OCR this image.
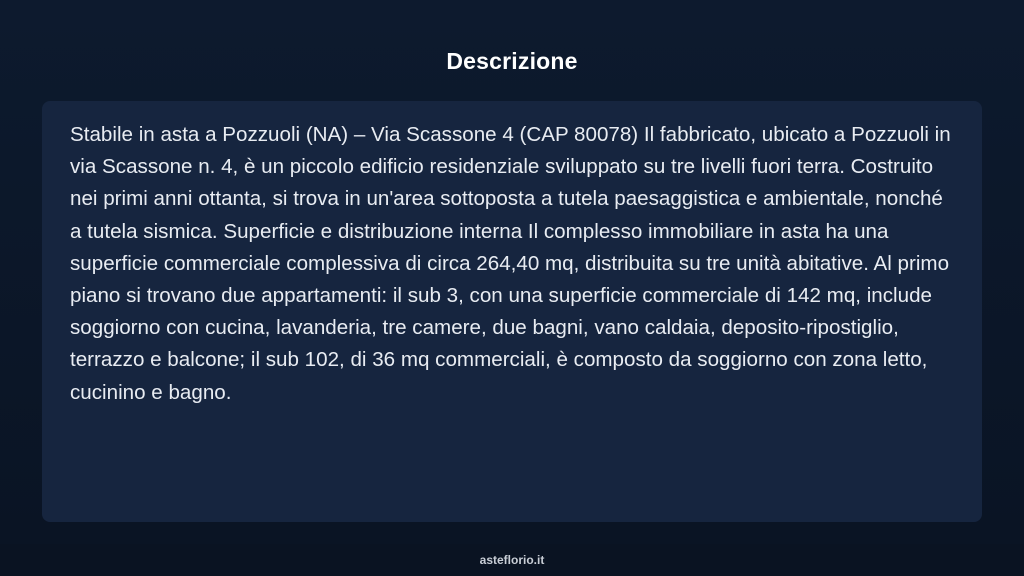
Descrizione

Stabile in asta a Pozzuoli (NA) – Via Scassone 4 (CAP 80078) Il fabbricato, ubicato a Pozzuoli in via Scassone n. 4, è un piccolo edificio residenziale sviluppato su tre livelli fuori terra. Costruito nei primi anni ottanta, si trova in un'area sottoposta a tutela paesaggistica e ambientale, nonché a tutela sismica. Superficie e distribuzione interna Il complesso immobiliare in asta ha una superficie commerciale complessiva di circa 264,40 mq, distribuita su tre unità abitative. Al primo piano si trovano due appartamenti: il sub 3, con una superficie commerciale di 142 mq, include soggiorno con cucina, lavanderia, tre camere, due bagni, vano caldaia, deposito-ripostiglio, terrazzo e balcone; il sub 102, di 36 mq commerciali, è composto da soggiorno con zona letto, cucinino e bagno.

asteflorio.it
